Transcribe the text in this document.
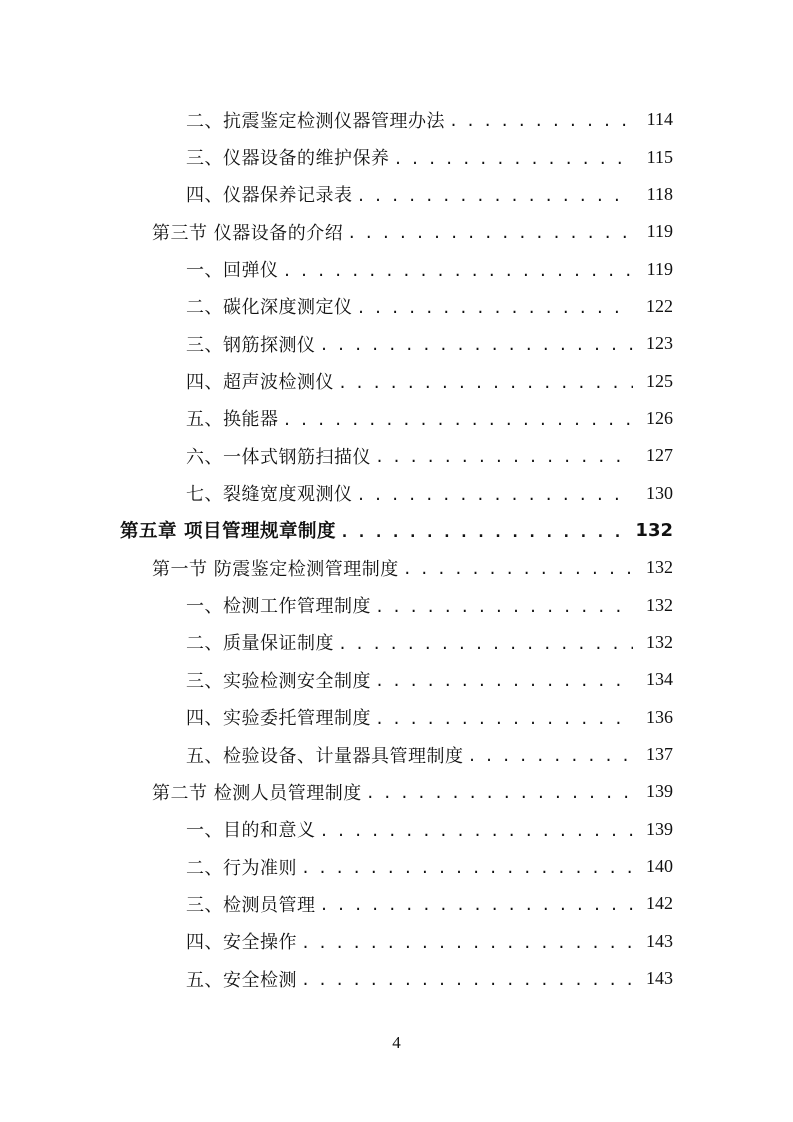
二、抗震鉴定检测仪器管理办法 . . .	114
三、仪器设备的维护保养 . . .	115
四、仪器保养记录表 . . .	118
第三节 仪器设备的介绍 . . .	119
一、回弹仪 . . .	119
二、碳化深度测定仪 . . .	122
三、钢筋探测仪 . . .	123
四、超声波检测仪 . . .	125
五、换能器 . . .	126
六、一体式钢筋扫描仪 . . .	127
七、裂缝宽度观测仪 . . .	130
第五章 项目管理规章制度 . . .	132
第一节 防震鉴定检测管理制度 . . .	132
一、检测工作管理制度 . . .	132
二、质量保证制度 . . .	132
三、实验检测安全制度 . . .	134
四、实验委托管理制度 . . .	136
五、检验设备、计量器具管理制度 . . .	137
第二节 检测人员管理制度 . . .	139
一、目的和意义 . . .	139
二、行为准则 . . .	140
三、检测员管理 . . .	142
四、安全操作 . . .	143
五、安全检测 . . .	143
4
